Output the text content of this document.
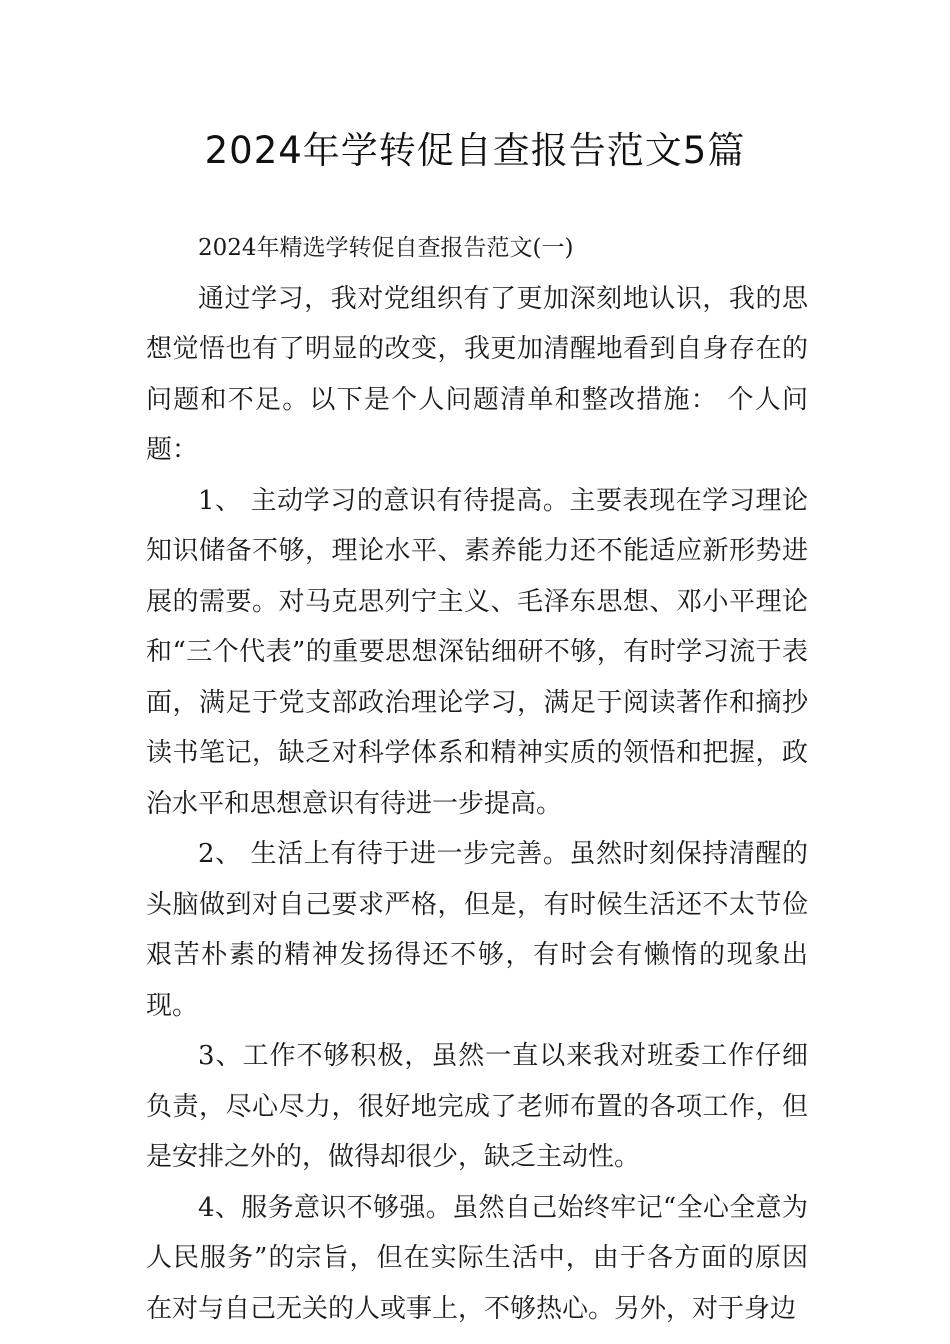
2024年学转促自查报告范文5篇

2024年精选学转促自查报告范文(一)

通过学习，我对党组织有了更加深刻地认识，我的思想觉悟也有了明显的改变，我更加清醒地看到自身存在的问题和不足。以下是个人问题清单和整改措施： 个人问题：

1、 主动学习的意识有待提高。主要表现在学习理论知识储备不够，理论水平、素养能力还不能适应新形势进展的需要。对马克思列宁主义、毛泽东思想、邓小平理论和“三个代表”的重要思想深钻细研不够，有时学习流于表面，满足于党支部政治理论学习，满足于阅读著作和摘抄读书笔记，缺乏对科学体系和精神实质的领悟和把握，政治水平和思想意识有待进一步提高。

2、 生活上有待于进一步完善。虽然时刻保持清醒的头脑做到对自己要求严格，但是，有时候生活还不太节俭艰苦朴素的精神发扬得还不够，有时会有懒惰的现象出现。

3、工作不够积极，虽然一直以来我对班委工作仔细负责，尽心尽力，很好地完成了老师布置的各项工作，但是安排之外的，做得却很少，缺乏主动性。

4、服务意识不够强。虽然自己始终牢记“全心全意为人民服务”的宗旨，但在实际生活中，由于各方面的原因在对与自己无关的人或事上，不够热心。另外，对于身边
